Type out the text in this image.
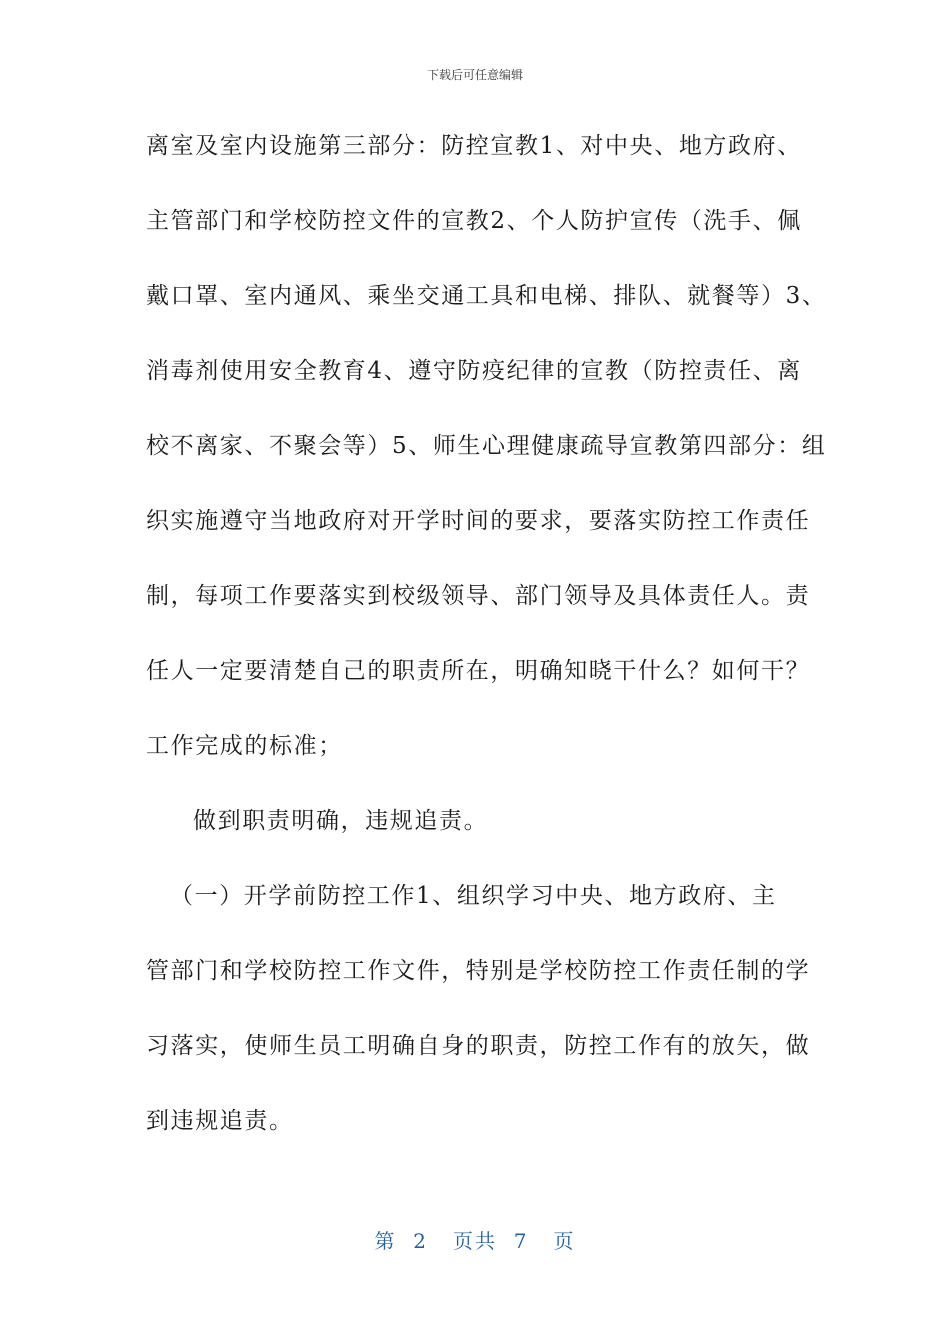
下载后可任意编辑
离室及室内设施第三部分：防控宣教1、对中央、地方政府、
主管部门和学校防控文件的宣教2、个人防护宣传（洗手、佩
戴口罩、室内通风、乘坐交通工具和电梯、排队、就餐等）3、
消毒剂使用安全教育4、遵守防疫纪律的宣教（防控责任、离
校不离家、不聚会等）5、师生心理健康疏导宣教第四部分：组
织实施遵守当地政府对开学时间的要求，要落实防控工作责任
制，每项工作要落实到校级领导、部门领导及具体责任人。责
任人一定要清楚自己的职责所在，明确知晓干什么？如何干？
工作完成的标准；
做到职责明确，违规追责。
（一）开学前防控工作1、组织学习中央、地方政府、主
管部门和学校防控工作文件，特别是学校防控工作责任制的学
习落实，使师生员工明确自身的职责，防控工作有的放矢，做
到违规追责。
第  2   页共  7   页
